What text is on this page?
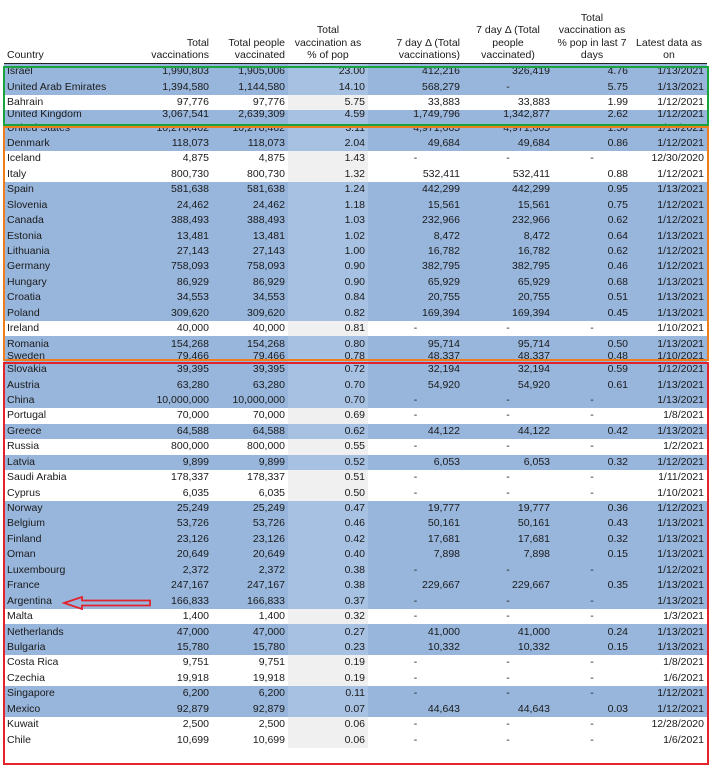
Country	Total vaccinations	Total people vaccinated	Total vaccination as % of pop	7 day Δ (Total vaccinations)	7 day Δ (Total people vaccinated)	Total vaccination as % pop in last 7 days	Latest data as on
Israel	1,990,803	1,905,006	23.00	412,216	326,419	4.76	1/13/2021
United Arab Emirates	1,394,580	1,144,580	14.10	568,279	-	5.75	1/13/2021
Bahrain	97,776	97,776	5.75	33,883	33,883	1.99	1/12/2021
United Kingdom	3,067,541	2,639,309	4.59	1,749,796	1,342,877	2.62	1/12/2021
United States	10,278,462	10,278,462	3.11	4,971,665	4,971,665	1.50	1/13/2021
Denmark	118,073	118,073	2.04	49,684	49,684	0.86	1/12/2021
Iceland	4,875	4,875	1.43	-	-	-	12/30/2020
Italy	800,730	800,730	1.32	532,411	532,411	0.88	1/12/2021
Spain	581,638	581,638	1.24	442,299	442,299	0.95	1/13/2021
Slovenia	24,462	24,462	1.18	15,561	15,561	0.75	1/12/2021
Canada	388,493	388,493	1.03	232,966	232,966	0.62	1/12/2021
Estonia	13,481	13,481	1.02	8,472	8,472	0.64	1/13/2021
Lithuania	27,143	27,143	1.00	16,782	16,782	0.62	1/12/2021
Germany	758,093	758,093	0.90	382,795	382,795	0.46	1/12/2021
Hungary	86,929	86,929	0.90	65,929	65,929	0.68	1/13/2021
Croatia	34,553	34,553	0.84	20,755	20,755	0.51	1/13/2021
Poland	309,620	309,620	0.82	169,394	169,394	0.45	1/13/2021
Ireland	40,000	40,000	0.81	-	-	-	1/10/2021
Romania	154,268	154,268	0.80	95,714	95,714	0.50	1/13/2021
Sweden	79,466	79,466	0.78	48,337	48,337	0.48	1/10/2021
Slovakia	39,395	39,395	0.72	32,194	32,194	0.59	1/12/2021
Austria	63,280	63,280	0.70	54,920	54,920	0.61	1/13/2021
China	10,000,000	10,000,000	0.70	-	-	-	1/13/2021
Portugal	70,000	70,000	0.69	-	-	-	1/8/2021
Greece	64,588	64,588	0.62	44,122	44,122	0.42	1/13/2021
Russia	800,000	800,000	0.55	-	-	-	1/2/2021
Latvia	9,899	9,899	0.52	6,053	6,053	0.32	1/12/2021
Saudi Arabia	178,337	178,337	0.51	-	-	-	1/11/2021
Cyprus	6,035	6,035	0.50	-	-	-	1/10/2021
Norway	25,249	25,249	0.47	19,777	19,777	0.36	1/12/2021
Belgium	53,726	53,726	0.46	50,161	50,161	0.43	1/13/2021
Finland	23,126	23,126	0.42	17,681	17,681	0.32	1/13/2021
Oman	20,649	20,649	0.40	7,898	7,898	0.15	1/13/2021
Luxembourg	2,372	2,372	0.38	-	-	-	1/12/2021
France	247,167	247,167	0.38	229,667	229,667	0.35	1/13/2021
Argentina	166,833	166,833	0.37	-	-	-	1/13/2021
Malta	1,400	1,400	0.32	-	-	-	1/3/2021
Netherlands	47,000	47,000	0.27	41,000	41,000	0.24	1/13/2021
Bulgaria	15,780	15,780	0.23	10,332	10,332	0.15	1/13/2021
Costa Rica	9,751	9,751	0.19	-	-	-	1/8/2021
Czechia	19,918	19,918	0.19	-	-	-	1/6/2021
Singapore	6,200	6,200	0.11	-	-	-	1/12/2021
Mexico	92,879	92,879	0.07	44,643	44,643	0.03	1/12/2021
Kuwait	2,500	2,500	0.06	-	-	-	12/28/2020
Chile	10,699	10,699	0.06	-	-	-	1/6/2021
